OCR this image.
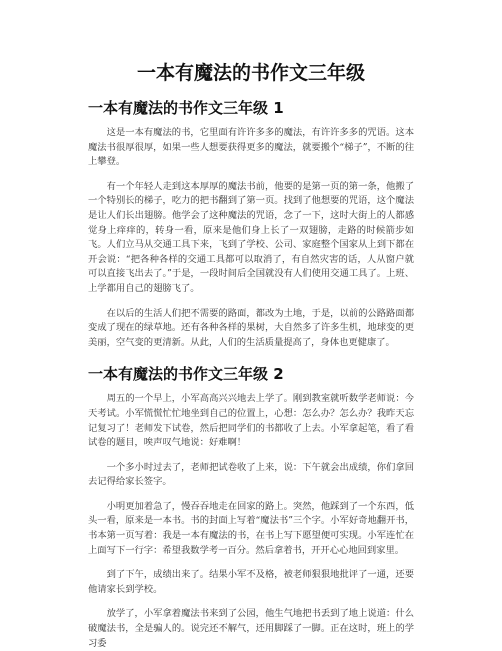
一本有魔法的书作文三年级
一本有魔法的书作文三年级 1

这是一本有魔法的书，它里面有许许多多的魔法，有许许多多的咒语。这本魔法书很厚很厚，如果一些人想要获得更多的魔法，就要搬个“梯子”，不断的往上攀登。

有一个年轻人走到这本厚厚的魔法书前，他要的是第一页的第一条，他搬了一个特别长的梯子，吃力的把书翻到了第一页。找到了他想要的咒语，这个魔法是让人们长出翅膀。他学会了这种魔法的咒语，念了一下，这时大街上的人都感觉身上痒痒的，转身一看，原来是他们身上长了一双翅膀，走路的时候箭步如飞。人们立马从交通工具下来，飞到了学校、公司、家庭整个国家从上到下都在开会说：“把各种各样的交通工具都可以取消了，有自然灾害的话，人从窗户就可以直接飞出去了。”于是，一段时间后全国就没有人们使用交通工具了。上班、上学都用自己的翅膀飞了。

在以后的生活人们把不需要的路面，都改为土地，于是，以前的公路路面都变成了现在的绿草地。还有各种各样的果树，大自然多了许多生机，地球变的更美丽，空气变的更清新。从此，人们的生活质量提高了，身体也更健康了。

一本有魔法的书作文三年级 2

周五的一个早上，小军高高兴兴地去上学了。刚到教室就听数学老师说：今天考试。小军慌慌忙忙地坐到自己的位置上，心想：怎么办？怎么办？我昨天忘记复习了！老师发下试卷，然后把同学们的书都收了上去。小军拿起笔，看了看试卷的题目，唉声叹气地说：好难啊！

一个多小时过去了，老师把试卷收了上来，说：下午就会出成绩，你们拿回去记得给家长签字。

小明更加着急了，慢吞吞地走在回家的路上。突然，他踩到了一个东西，低头一看，原来是一本书。书的封面上写着“魔法书”三个字。小军好奇地翻开书，书本第一页写着：我是一本有魔法的书，在书上写下愿望便可实现。小军连忙在上面写下一行字：希望我数学考一百分。然后拿着书，开开心心地回到家里。

到了下午，成绩出来了。结果小军不及格，被老师狠狠地批评了一通，还要他请家长到学校。

放学了，小军拿着魔法书来到了公园，他生气地把书丢到了地上说道：什么破魔法书，全是骗人的。说完还不解气，还用脚踩了一脚。正在这时，班上的学习委
